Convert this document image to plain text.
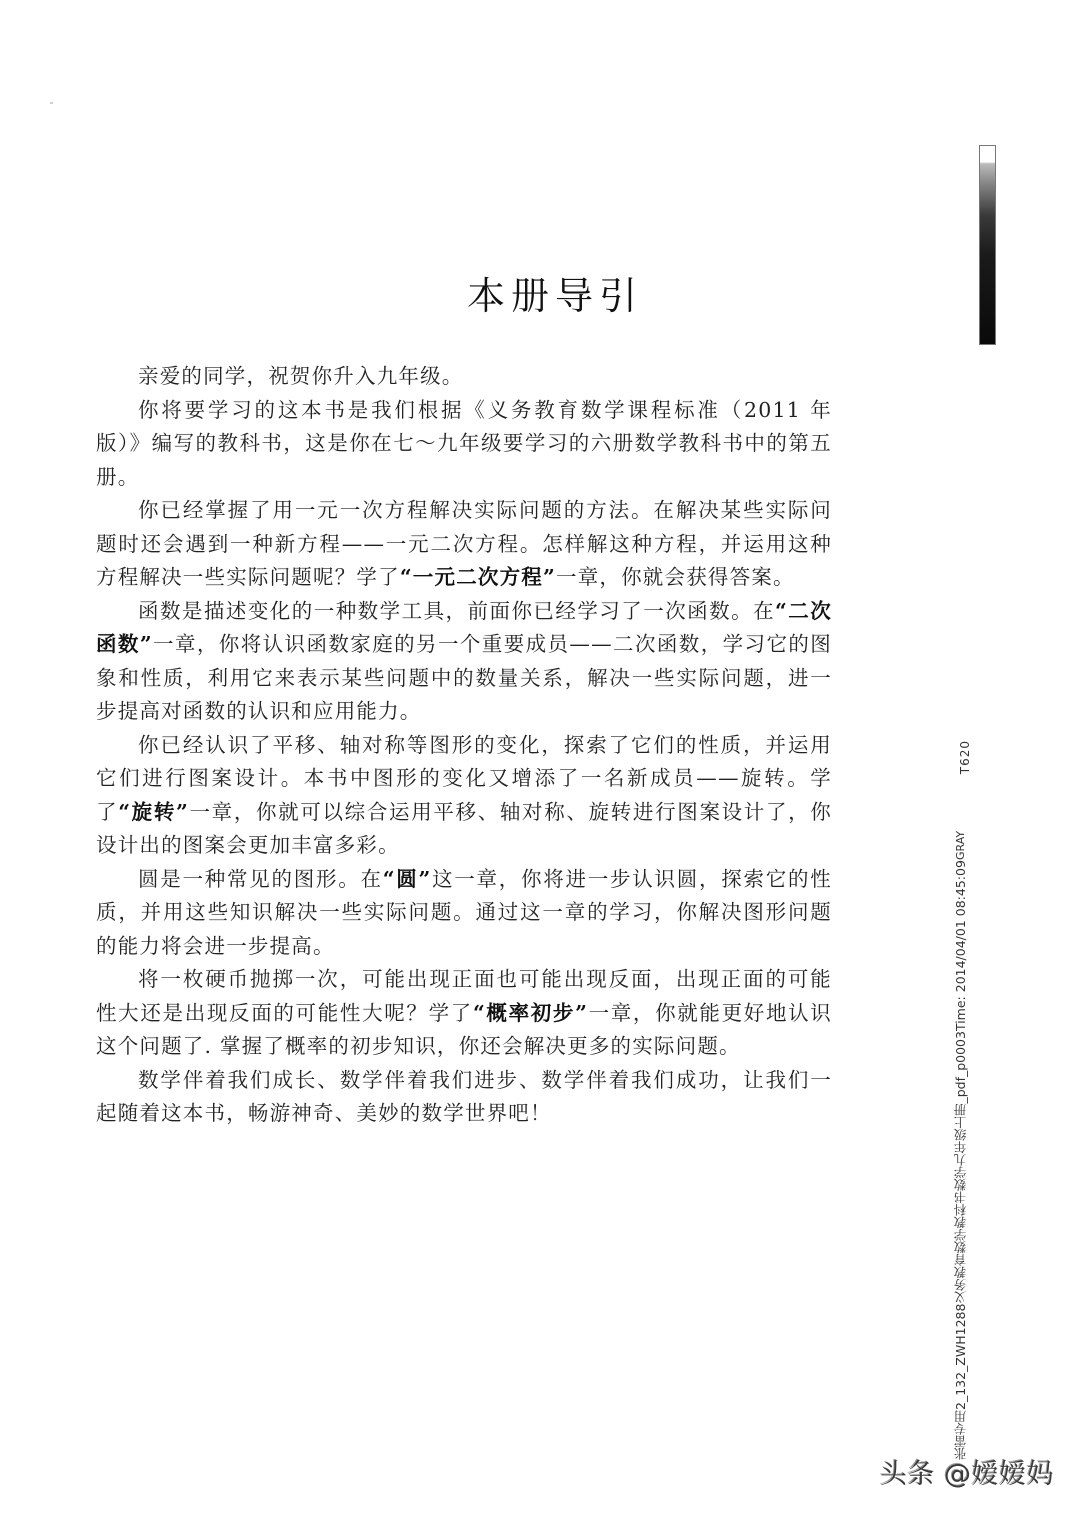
本册导引

亲爱的同学，祝贺你升入九年级。

你将要学习的这本书是我们根据《义务教育数学课程标准（2011 年版）》编写的教科书，这是你在七～九年级要学习的六册数学教科书中的第五册。

你已经掌握了用一元一次方程解决实际问题的方法。在解决某些实际问题时还会遇到一种新方程——一元二次方程。怎样解这种方程，并运用这种方程解决一些实际问题呢？学了“一元二次方程”一章，你就会获得答案。

函数是描述变化的一种数学工具，前面你已经学习了一次函数。在“二次函数”一章，你将认识函数家庭的另一个重要成员——二次函数，学习它的图象和性质，利用它来表示某些问题中的数量关系，解决一些实际问题，进一步提高对函数的认识和应用能力。

你已经认识了平移、轴对称等图形的变化，探索了它们的性质，并运用它们进行图案设计。本书中图形的变化又增添了一名新成员——旋转。学了“旋转”一章，你就可以综合运用平移、轴对称、旋转进行图案设计了，你设计出的图案会更加丰富多彩。

圆是一种常见的图形。在“圆”这一章，你将进一步认识圆，探索它的性质，并用这些知识解决一些实际问题。通过这一章的学习，你解决图形问题的能力将会进一步提高。

将一枚硬币抛掷一次，可能出现正面也可能出现反面，出现正面的可能性大还是出现反面的可能性大呢？学了“概率初步”一章，你就能更好地认识这个问题了. 掌握了概率的初步知识，你还会解决更多的实际问题。

数学伴着我们成长、数学伴着我们进步、数学伴着我们成功，让我们一起随着这本书，畅游神奇、美妙的数学世界吧！

T620
张雷专用2_132_ZWH1288义务教育数学教科书数学九年级上册_pdf_p0003Time: 2014/04/01 08:45:09
GRAY
头条 @嫒嫒妈
